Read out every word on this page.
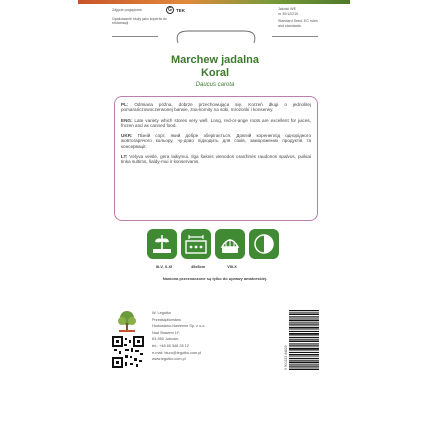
Zdjęcie poglądowe
Opakowanie służy jako koperta do reklamacji
G TEK	Jakość WE
nr 30/12/210
Standard Seed. EC rules and standards.
Marchew jadalna
Koral
Daucus carota

PL: Odmiana późna, dobrze przechowująca się. Korzeń długi o jednolitej pomarańczowoczerwonej barwie, zna-komity na soki, mrożonki i konserwy.

ENG: Late variety which stores very well. Long, red-or-ange roots are excellent for juices, frozen and as canned food.

UKR: Пізній сорт, який добре зберігається. Довгий коренеплід однорідного жовтогарячого кольору, чу-дово підходить для соків, заморожених продуктів та консервації.

LT: Vėlyva veislė, gera laikymui. Ilga šaknis vienodos oranžinės raudonos spalvos, puikiai tinka sultims, šaldy-mui ir konservams.

III-V, X-XI	40x5cm	VIII-X
Nasiona przeznaczone są tylko do uprawy amatorskiej.
W. Legutko
Przedsiębiorstwo
Hodowlano-Nasienne Sp. z o.o.
Nad Stawem 1F,
63-950 Jutrosin,
tel.: +48 65 548 28 12
e-mail: biuro@legutko.com.pl
www.legutko.com.pl	5 900233 44629
